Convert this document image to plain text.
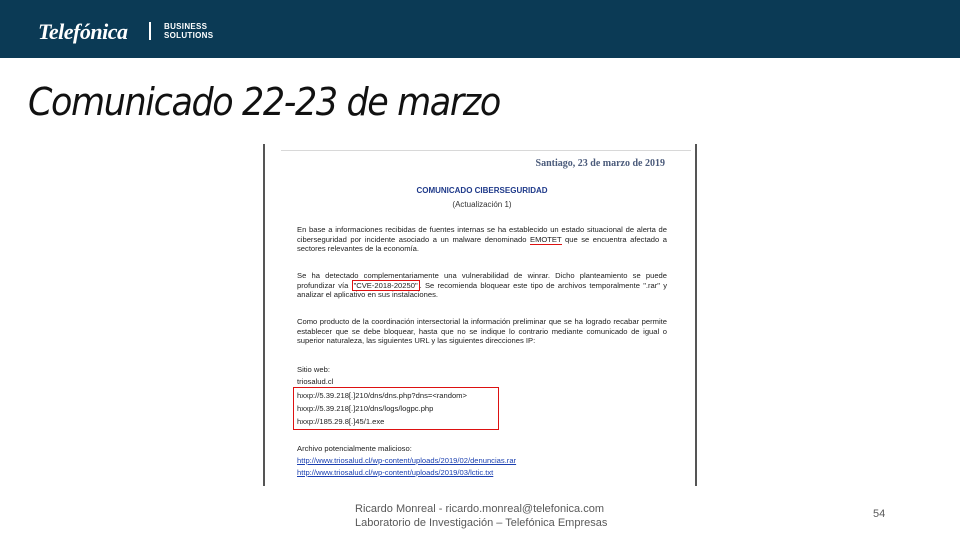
Telefónica	BUSINESS
SOLUTIONS
Comunicado 22-23 de marzo
Santiago, 23 de marzo de 2019
COMUNICADO CIBERSEGURIDAD
(Actualización 1)
En base a informaciones recibidas de fuentes internas se ha establecido un estado situacional de alerta de ciberseguridad por incidente asociado a un malware denominado EMOTET que se encuentra afectado a sectores relevantes de la economía.
Se ha detectado complementariamente una vulnerabilidad de winrar. Dicho planteamiento se puede profundizar vía "CVE-2018-20250" . Se recomienda bloquear este tipo de archivos temporalmente ".rar" y analizar el aplicativo en sus instalaciones.
Como producto de la coordinación intersectorial la información preliminar que se ha logrado recabar permite establecer que se debe bloquear, hasta que no se indique lo contrario mediante comunicado de igual o superior naturaleza, las siguientes URL y las siguientes direcciones IP:
Sitio web:
triosalud.cl
hxxp://5.39.218[.]210/dns/dns.php?dns=<random>
hxxp://5.39.218[.]210/dns/logs/logpc.php
hxxp://185.29.8[.]45/1.exe
Archivo potencialmente malicioso:
http://www.triosalud.cl/wp-content/uploads/2019/02/denuncias.rar
http://www.triosalud.cl/wp-content/uploads/2019/03/lctic.txt
Ricardo Monreal - ricardo.monreal@telefonica.com
Laboratorio de Investigación – Telefónica Empresas
54
